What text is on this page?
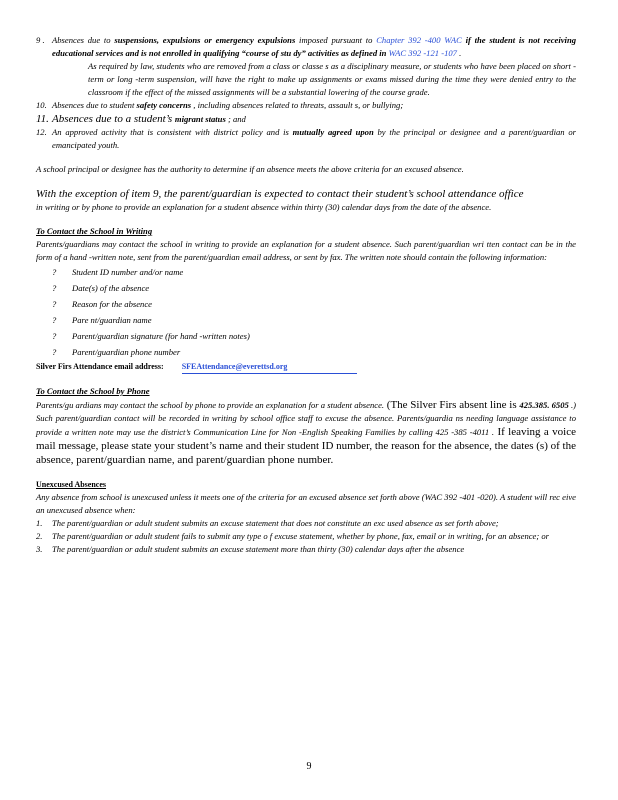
9 . Absences due to suspensions, expulsions or emergency expulsions imposed pursuant to Chapter 392 -400 WAC if the student is not receiving educational services and is not enrolled in qualifying “course of stu dy” activities as defined in WAC 392 -121 -107 .
As required by law, students who are removed from a class or classe s as a disciplinary measure, or students who have been placed on short -term or long -term suspension, will have the right to make up assignments or exams missed during the time they were denied entry to the classroom if the effect of the missed assignments will be a substantial lowering of the course grade.
10. Absences due to student safety concerns , including absences related to threats, assault s, or bullying;
11. Absences due to a student’s migrant status ; and
12. An approved activity that is consistent with district policy and is mutually agreed upon by the principal or designee and a parent/guardian or emancipated youth.
A school principal or designee has the authority to determine if an absence meets the above criteria for an excused absence.
With the exception of item 9, the parent/guardian is expected to contact their student’s school attendance office
in writing or by phone to provide an explanation for a student absence within thirty (30) calendar days from the date of the absence.
To Contact the School in Writing
Parents/guardians may contact the school in writing to provide an explanation for a student absence. Such parent/guardian wri tten contact can be in the form of a hand -written note, sent from the parent/guardian email address, or sent by fax. The written note should contain the following information:
?	Student ID number and/or name
?	Date(s) of the absence
?	Reason for the absence
?	Pare nt/guardian name
?	Parent/guardian signature (for hand -written notes)
?	Parent/guardian phone number
Silver Firs Attendance email address: SFEAttendance@everettsd.org
To Contact the School by Phone
Parents/gu ardians may contact the school by phone to provide an explanation for a student absence. (The Silver Firs absent line is 425.385. 6505 .) Such parent/guardian contact will be recorded in writing by school office staff to excuse the absence. Parents/guardia ns needing language assistance to provide a written note may use the district’s Communication Line for Non -English Speaking Families by calling 425 -385 -4011 . If leaving a voice mail message, please state your student’s name and their student ID number, the reason for the absence, the dates (s) of the absence, parent/guardian name, and parent/guardian phone number.
Unexcused Absences
Any absence from school is unexcused unless it meets one of the criteria for an excused absence set forth above (WAC 392 -401 -020). A student will rec eive an unexcused absence when:
1.	The parent/guardian or adult student submits an excuse statement that does not constitute an exc used absence as set forth above;
2.	The parent/guardian or adult student fails to submit any type o f excuse statement, whether by phone, fax, email or in writing, for an absence; or
3.	The parent/guardian or adult student submits an excuse statement more than thirty (30) calendar days after the absence
9
